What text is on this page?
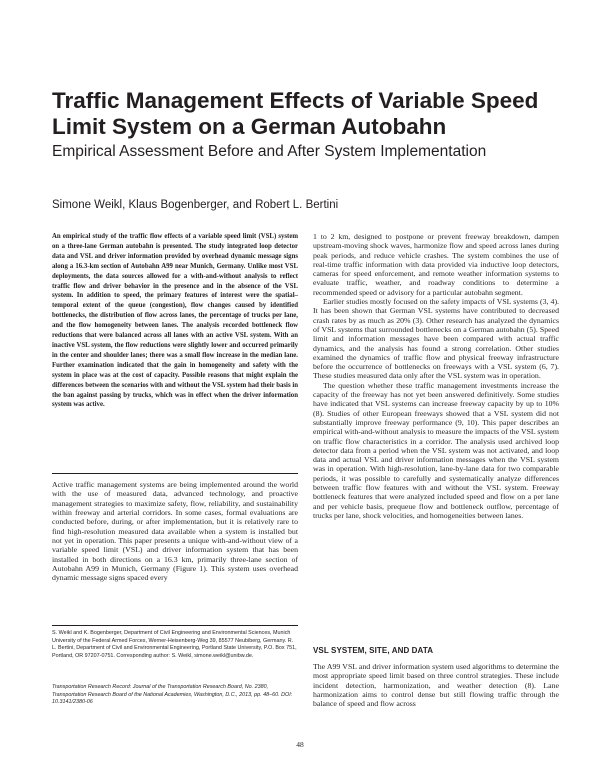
Traffic Management Effects of Variable Speed Limit System on a German Autobahn
Empirical Assessment Before and After System Implementation
Simone Weikl, Klaus Bogenberger, and Robert L. Bertini
An empirical study of the traffic flow effects of a variable speed limit (VSL) system on a three-lane German autobahn is presented. The study integrated loop detector data and VSL and driver information provided by overhead dynamic message signs along a 16.3-km section of Autobahn A99 near Munich, Germany. Unlike most VSL deployments, the data sources allowed for a with-and-without analysis to reflect traffic flow and driver behavior in the presence and in the absence of the VSL system. In addition to speed, the primary features of interest were the spatial–temporal extent of the queue (congestion), flow changes caused by identified bottlenecks, the distribution of flow across lanes, the percentage of trucks per lane, and the flow homogeneity between lanes. The analysis recorded bottleneck flow reductions that were balanced across all lanes with an active VSL system. With an inactive VSL system, the flow reductions were slightly lower and occurred primarily in the center and shoulder lanes; there was a small flow increase in the median lane. Further examination indicated that the gain in homogeneity and safety with the system in place was at the cost of capacity. Possible reasons that might explain the differences between the scenarios with and without the VSL system had their basis in the ban against passing by trucks, which was in effect when the driver information system was active.

Active traffic management systems are being implemented around the world with the use of measured data, advanced technology, and proactive management strategies to maximize safety, flow, reliability, and sustainability within freeway and arterial corridors. In some cases, formal evaluations are conducted before, during, or after implementation, but it is relatively rare to find high-resolution measured data available when a system is installed but not yet in operation. This paper presents a unique with-and-without view of a variable speed limit (VSL) and driver information system that has been installed in both directions on a 16.3 km, primarily three-lane section of Autobahn A99 in Munich, Germany (Figure 1). This system uses overhead dynamic message signs spaced every

S. Weikl and K. Bogenberger, Department of Civil Engineering and Environmental Sciences, Munich University of the Federal Armed Forces, Werner-Heisenberg-Weg 39, 85577 Neubiberg, Germany. R. L. Bertini, Department of Civil and Environmental Engineering, Portland State University, P.O. Box 751, Portland, OR 97207-0751. Corresponding author: S. Weikl, simone.weikl@unibw.de.
Transportation Research Record: Journal of the Transportation Research Board, No. 2380, Transportation Research Board of the National Academies, Washington, D.C., 2013, pp. 48–60. DOI: 10.3141/2380-06

1 to 2 km, designed to postpone or prevent freeway breakdown, dampen upstream-moving shock waves, harmonize flow and speed across lanes during peak periods, and reduce vehicle crashes. The system combines the use of real-time traffic information with data provided via inductive loop detectors, cameras for speed enforcement, and remote weather information systems to evaluate traffic, weather, and roadway conditions to determine a recommended speed or advisory for a particular autobahn segment.

Earlier studies mostly focused on the safety impacts of VSL systems (3, 4). It has been shown that German VSL systems have contributed to decreased crash rates by as much as 20% (3). Other research has analyzed the dynamics of VSL systems that surrounded bottlenecks on a German autobahn (5). Speed limit and information messages have been compared with actual traffic dynamics, and the analysis has found a strong correlation. Other studies examined the dynamics of traffic flow and physical freeway infrastructure before the occurrence of bottlenecks on freeways with a VSL system (6, 7). These studies measured data only after the VSL system was in operation.

The question whether these traffic management investments increase the capacity of the freeway has not yet been answered definitively. Some studies have indicated that VSL systems can increase freeway capacity by up to 10% (8). Studies of other European freeways showed that a VSL system did not substantially improve freeway performance (9, 10). This paper describes an empirical with-and-without analysis to measure the impacts of the VSL system on traffic flow characteristics in a corridor. The analysis used archived loop detector data from a period when the VSL system was not activated, and loop data and actual VSL and driver information messages when the VSL system was in operation. With high-resolution, lane-by-lane data for two comparable periods, it was possible to carefully and systematically analyze differences between traffic flow features with and without the VSL system. Freeway bottleneck features that were analyzed included speed and flow on a per lane and per vehicle basis, prequeue flow and bottleneck outflow, percentage of trucks per lane, shock velocities, and homogeneities between lanes.

VSL SYSTEM, SITE, AND DATA

The A99 VSL and driver information system used algorithms to determine the most appropriate speed limit based on three control strategies. These include incident detection, harmonization, and weather detection (8). Lane harmonization aims to control dense but still flowing traffic through the balance of speed and flow across

48
